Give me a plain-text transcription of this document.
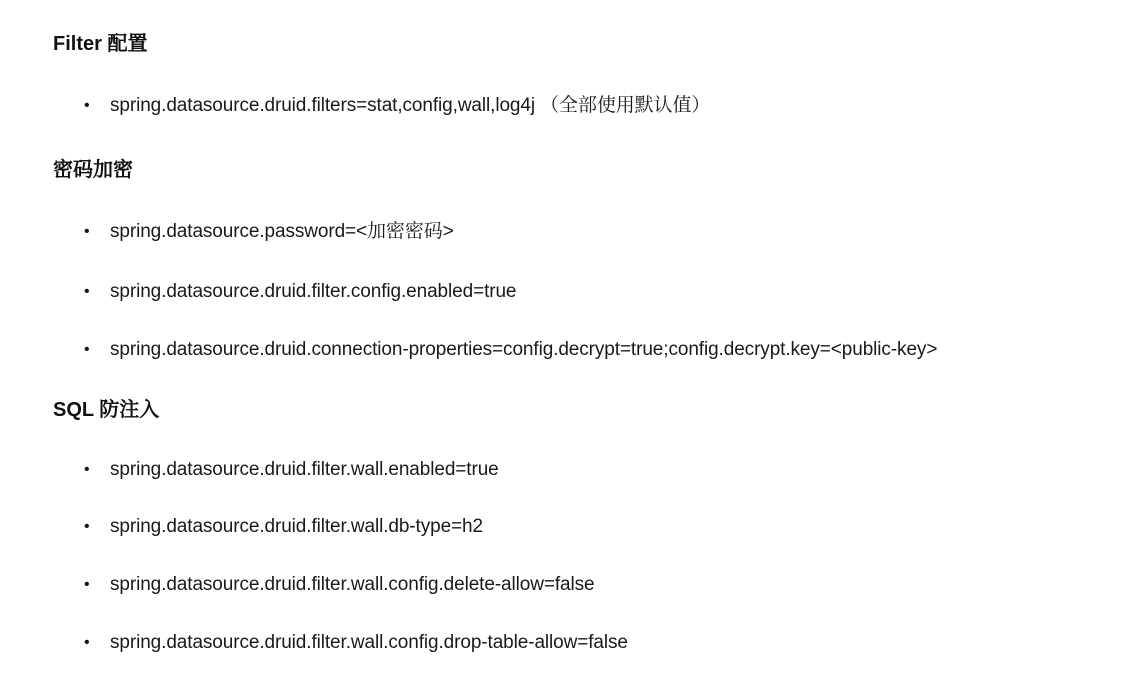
Filter 配置
• spring.datasource.druid.filters=stat,config,wall,log4j （全部使用默认值）
密码加密
• spring.datasource.password=<加密密码>
• spring.datasource.druid.filter.config.enabled=true
• spring.datasource.druid.connection-properties=config.decrypt=true;config.decrypt.key=<public-key>
SQL 防注入
• spring.datasource.druid.filter.wall.enabled=true
• spring.datasource.druid.filter.wall.db-type=h2
• spring.datasource.druid.filter.wall.config.delete-allow=false
• spring.datasource.druid.filter.wall.config.drop-table-allow=false
